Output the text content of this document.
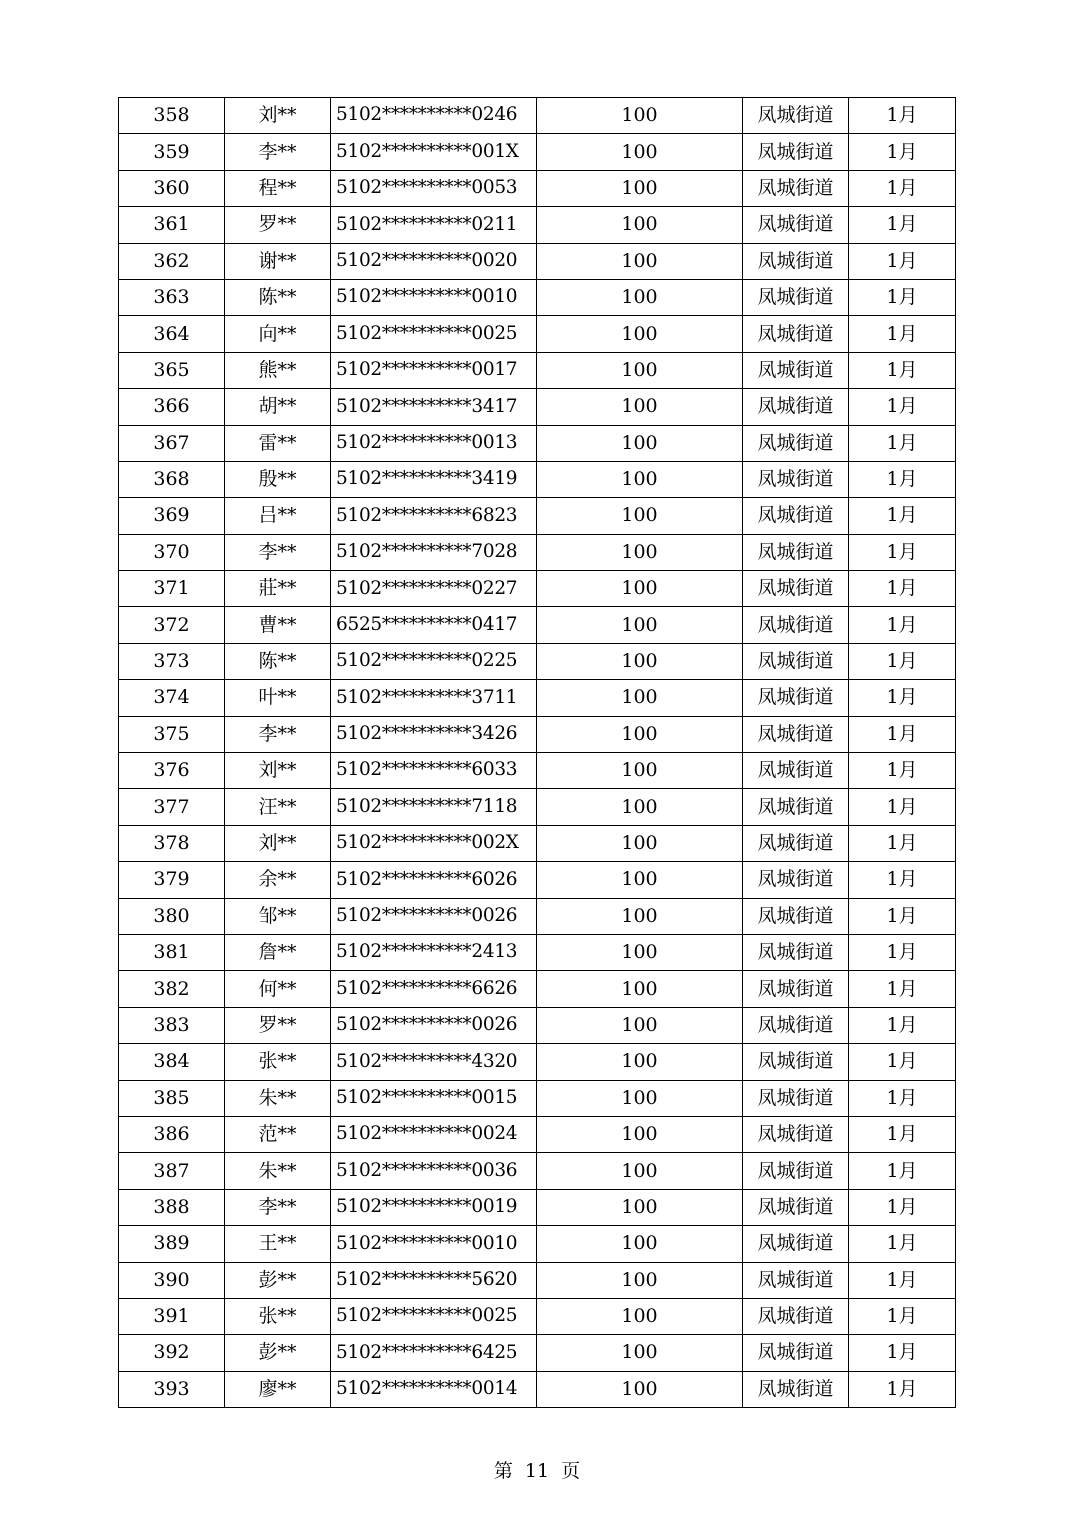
358	刘**	5102**********0246	100	凤城街道	1月
359	李**	5102**********001X	100	凤城街道	1月
360	程**	5102**********0053	100	凤城街道	1月
361	罗**	5102**********0211	100	凤城街道	1月
362	谢**	5102**********0020	100	凤城街道	1月
363	陈**	5102**********0010	100	凤城街道	1月
364	向**	5102**********0025	100	凤城街道	1月
365	熊**	5102**********0017	100	凤城街道	1月
366	胡**	5102**********3417	100	凤城街道	1月
367	雷**	5102**********0013	100	凤城街道	1月
368	殷**	5102**********3419	100	凤城街道	1月
369	吕**	5102**********6823	100	凤城街道	1月
370	李**	5102**********7028	100	凤城街道	1月
371	莊**	5102**********0227	100	凤城街道	1月
372	曹**	6525**********0417	100	凤城街道	1月
373	陈**	5102**********0225	100	凤城街道	1月
374	叶**	5102**********3711	100	凤城街道	1月
375	李**	5102**********3426	100	凤城街道	1月
376	刘**	5102**********6033	100	凤城街道	1月
377	汪**	5102**********7118	100	凤城街道	1月
378	刘**	5102**********002X	100	凤城街道	1月
379	余**	5102**********6026	100	凤城街道	1月
380	邹**	5102**********0026	100	凤城街道	1月
381	詹**	5102**********2413	100	凤城街道	1月
382	何**	5102**********6626	100	凤城街道	1月
383	罗**	5102**********0026	100	凤城街道	1月
384	张**	5102**********4320	100	凤城街道	1月
385	朱**	5102**********0015	100	凤城街道	1月
386	范**	5102**********0024	100	凤城街道	1月
387	朱**	5102**********0036	100	凤城街道	1月
388	李**	5102**********0019	100	凤城街道	1月
389	王**	5102**********0010	100	凤城街道	1月
390	彭**	5102**********5620	100	凤城街道	1月
391	张**	5102**********0025	100	凤城街道	1月
392	彭**	5102**********6425	100	凤城街道	1月
393	廖**	5102**********0014	100	凤城街道	1月
第 11 页
